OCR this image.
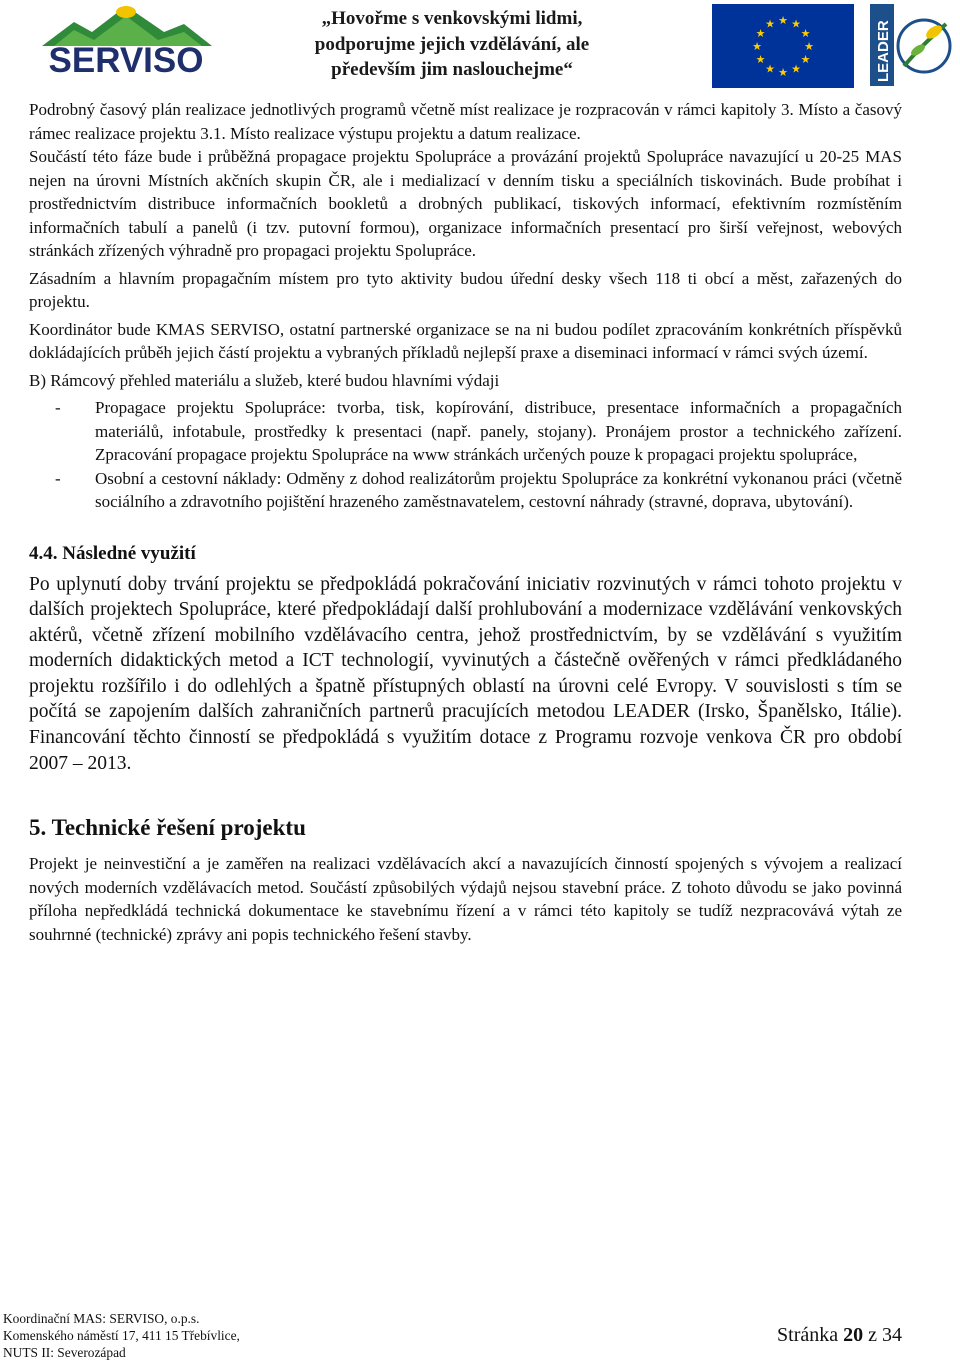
SERVISO
„Hovořme s venkovskými lidmi,
podporujme jejich vzdělávání, ale
především jim naslouchejme“
★ ★
★
★
★
★
★
★
★
★
★
★	LEADER

Podrobný časový plán realizace jednotlivých programů včetně míst realizace je rozpracován v rámci kapitoly 3. Místo a časový rámec realizace projektu 3.1. Místo realizace výstupu projektu a datum realizace.

Součástí této fáze bude i průběžná propagace projektu Spolupráce a provázání projektů Spolupráce navazující u 20-25 MAS nejen na úrovni Místních akčních skupin ČR, ale i medializací v denním tisku a speciálních tiskovinách. Bude probíhat i prostřednictvím distribuce informačních bookletů a drobných publikací, tiskových informací, efektivním rozmístěním informačních tabulí a panelů (i tzv. putovní formou), organizace informačních presentací pro širší veřejnost, webových stránkách zřízených výhradně pro propagaci projektu Spolupráce.

Zásadním a hlavním propagačním místem pro tyto aktivity budou úřední desky všech 118 ti obcí a měst, zařazených do projektu.

Koordinátor bude KMAS SERVISO, ostatní partnerské organizace se na ni budou podílet zpracováním konkrétních příspěvků dokládajících průběh jejich částí projektu a vybraných příkladů nejlepší praxe a diseminaci informací v rámci svých území.

B) Rámcový přehled materiálu a služeb, které budou hlavními výdaji

- Propagace projektu Spolupráce: tvorba, tisk, kopírování, distribuce, presentace informačních a propagačních materiálů, infotabule, prostředky k presentaci (např. panely, stojany). Pronájem prostor a technického zařízení. Zpracování propagace projektu Spolupráce na www stránkách určených pouze k propagaci projektu spolupráce,
- Osobní a cestovní náklady: Odměny z dohod realizátorům projektu Spolupráce za konkrétní vykonanou práci (včetně sociálního a zdravotního pojištění hrazeného zaměstnavatelem, cestovní náhrady (stravné, doprava, ubytování).
4.4. Následné využití

Po uplynutí doby trvání projektu se předpokládá pokračování iniciativ rozvinutých v rámci tohoto projektu v dalších projektech Spolupráce, které předpokládají další prohlubování a modernizace vzdělávání venkovských aktérů, včetně zřízení mobilního vzdělávacího centra, jehož prostřednictvím, by se vzdělávání s využitím moderních didaktických metod a ICT technologií, vyvinutých a částečně ověřených v rámci předkládaného projektu rozšířilo i do odlehlých a špatně přístupných oblastí na úrovni celé Evropy. V souvislosti s tím se počítá se zapojením dalších zahraničních partnerů pracujících metodou LEADER (Irsko, Španělsko, Itálie). Financování těchto činností se předpokládá s využitím dotace z Programu rozvoje venkova ČR pro období 2007 – 2013.

5. Technické řešení projektu

Projekt je neinvestiční a je zaměřen na realizaci vzdělávacích akcí a navazujících činností spojených s vývojem a realizací nových moderních vzdělávacích metod. Součástí způsobilých výdajů nejsou stavební práce. Z tohoto důvodu se jako povinná příloha nepředkládá technická dokumentace ke stavebnímu řízení a v rámci této kapitoly se tudíž nezpracovává výtah ze souhrnné (technické) zprávy ani popis technického řešení stavby.

Koordinační MAS: SERVISO, o.p.s.
Komenského náměstí 17, 411 15 Třebívlice,
NUTS II: Severozápad
Stránka 20 z 34
